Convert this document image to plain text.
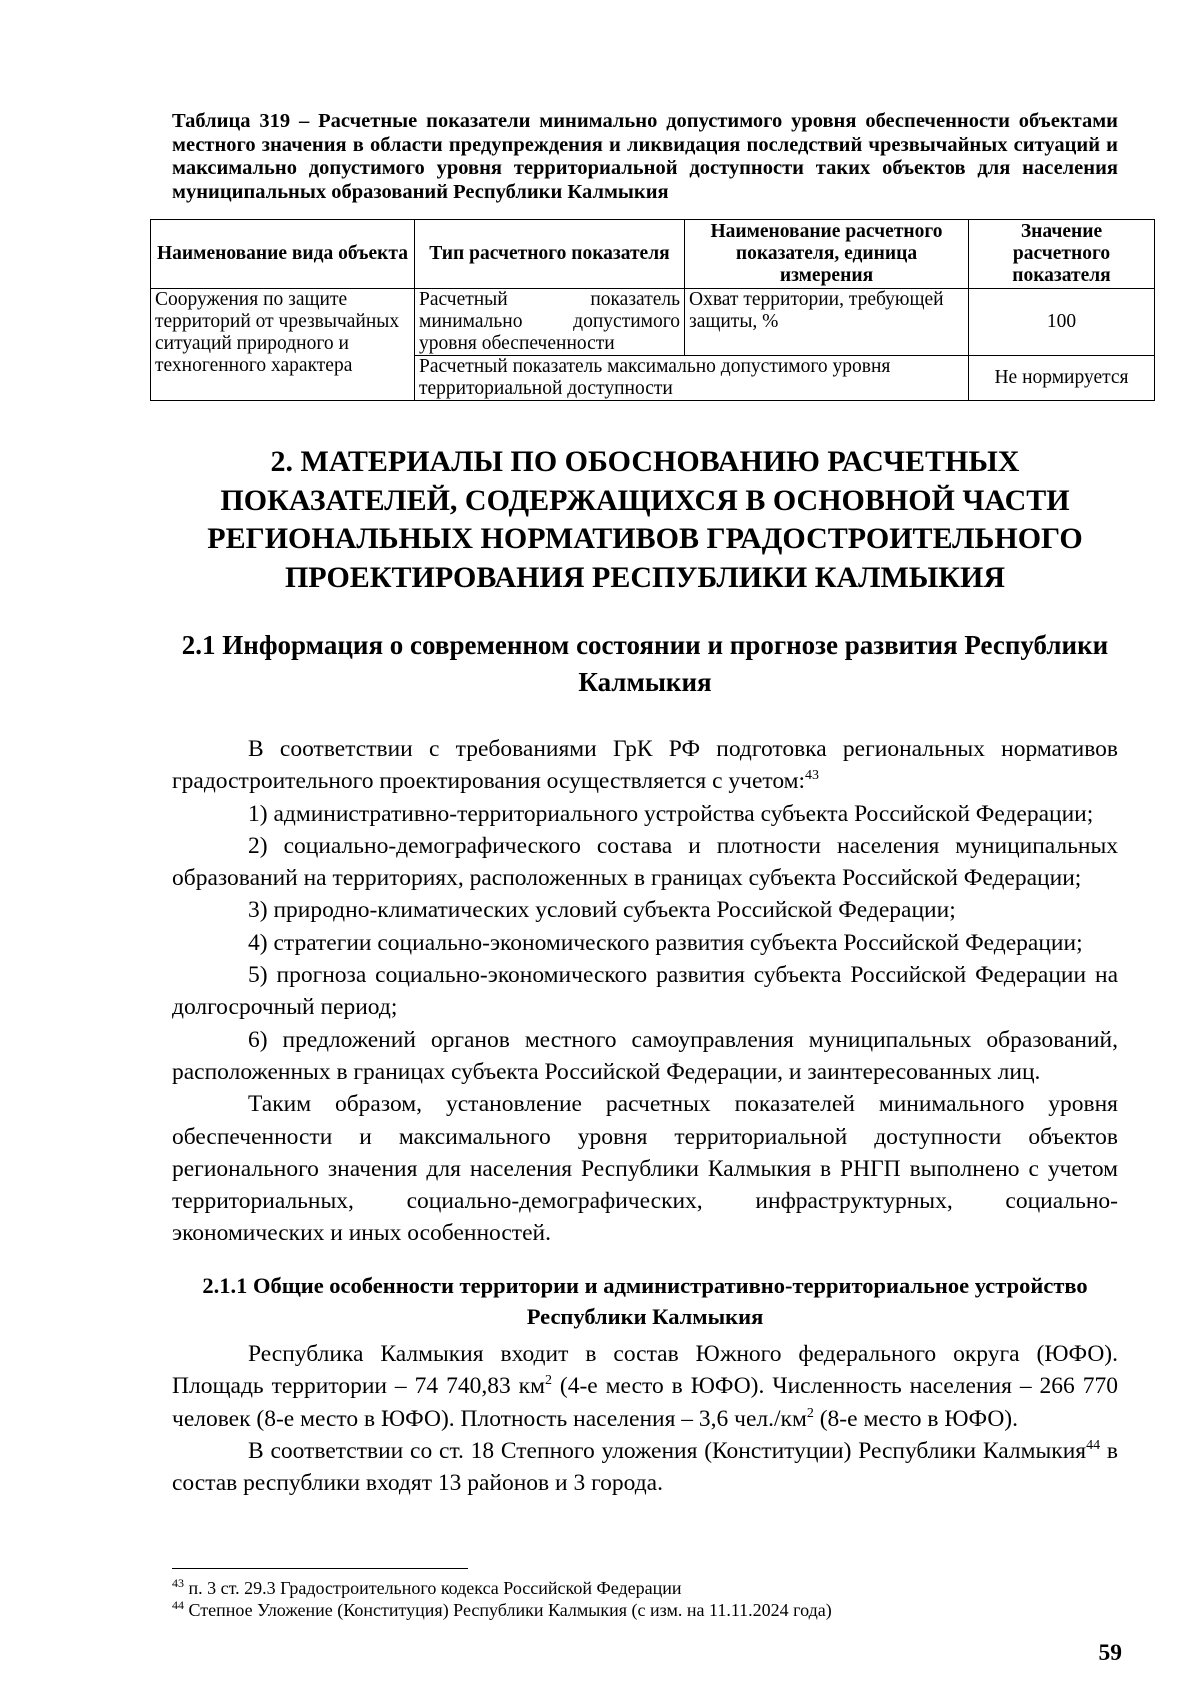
Таблица 319 – Расчетные показатели минимально допустимого уровня обеспеченности объектами местного значения в области предупреждения и ликвидация последствий чрезвычайных ситуаций и максимально допустимого уровня территориальной доступности таких объектов для населения муниципальных образований Республики Калмыкия
Наименование вида объекта	Тип расчетного показателя	Наименование расчетного показателя, единица измерения	Значение расчетного показателя
Сооружения по защите территорий от чрезвычайных ситуаций природного и техногенного характера	Расчетный показатель минимально допустимого уровня обеспеченности	Охват территории, требующей защиты, %	100
	Расчетный показатель максимально допустимого уровня территориальной доступности		Не нормируется
2. МАТЕРИАЛЫ ПО ОБОСНОВАНИЮ РАСЧЕТНЫХ ПОКАЗАТЕЛЕЙ, СОДЕРЖАЩИХСЯ В ОСНОВНОЙ ЧАСТИ РЕГИОНАЛЬНЫХ НОРМАТИВОВ ГРАДОСТРОИТЕЛЬНОГО ПРОЕКТИРОВАНИЯ РЕСПУБЛИКИ КАЛМЫКИЯ
2.1 Информация о современном состоянии и прогнозе развития Республики Калмыкия

В соответствии с требованиями ГрК РФ подготовка региональных нормативов градостроительного проектирования осуществляется с учетом:$^{43}$

1) административно-территориального устройства субъекта Российской Федерации;

2) социально-демографического состава и плотности населения муниципальных образований на территориях, расположенных в границах субъекта Российской Федерации;

3) природно-климатических условий субъекта Российской Федерации;

4) стратегии социально-экономического развития субъекта Российской Федерации;

5) прогноза социально-экономического развития субъекта Российской Федерации на долгосрочный период;

6) предложений органов местного самоуправления муниципальных образований, расположенных в границах субъекта Российской Федерации, и заинтересованных лиц.

Таким образом, установление расчетных показателей минимального уровня обеспеченности и максимального уровня территориальной доступности объектов регионального значения для населения Республики Калмыкия в РНГП выполнено с учетом территориальных, социально-демографических, инфраструктурных, социально-экономических и иных особенностей.

2.1.1 Общие особенности территории и административно-территориальное устройство Республики Калмыкия

Республика Калмыкия входит в состав Южного федерального округа (ЮФО). Площадь территории – 74 740,83 $км^2$ (4-е место в ЮФО). Численность населения – 266 770 человек (8-е место в ЮФО). Плотность населения – 3,6 $чел./км^2$ (8-е место в ЮФО).

В соответствии со ст. 18 Степного уложения (Конституции) Республики Калмыкия$^{44}$ в состав республики входят 13 районов и 3 города.

$^{43}$ п. 3 ст. 29.3 Градостроительного кодекса Российской Федерации
$^{44}$ Степное Уложение (Конституция) Республики Калмыкия (с изм. на 11.11.2024 года)
59
